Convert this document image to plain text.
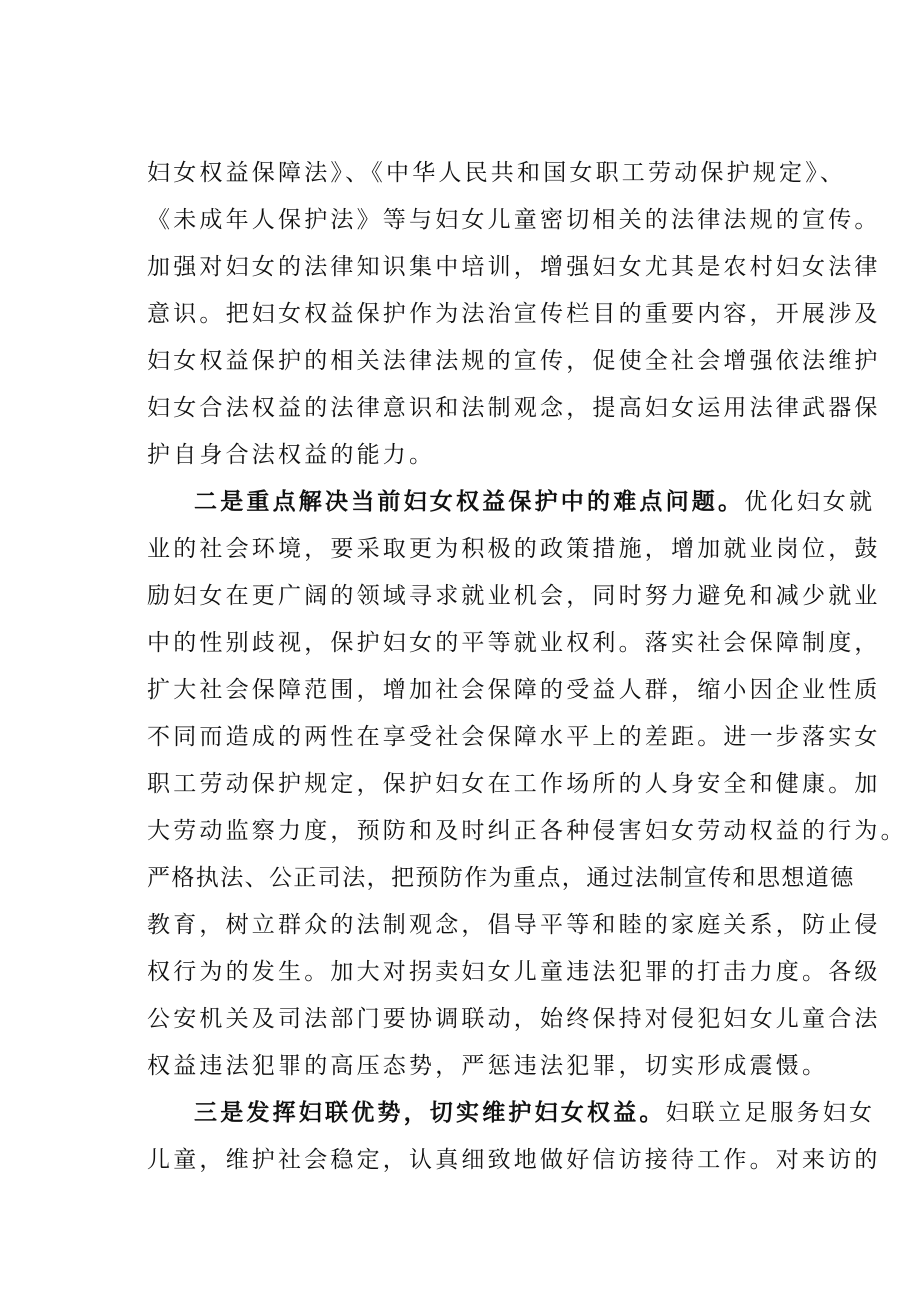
妇女权益保障法》、《中华人民共和国女职工劳动保护规定》、
《未成年人保护法》等与妇女儿童密切相关的法律法规的宣传。
加强对妇女的法律知识集中培训，增强妇女尤其是农村妇女法律
意识。把妇女权益保护作为法治宣传栏目的重要内容，开展涉及
妇女权益保护的相关法律法规的宣传，促使全社会增强依法维护
妇女合法权益的法律意识和法制观念，提高妇女运用法律武器保
护自身合法权益的能力。
二是重点解决当前妇女权益保护中的难点问题。优化妇女就
业的社会环境，要采取更为积极的政策措施，增加就业岗位，鼓
励妇女在更广阔的领域寻求就业机会，同时努力避免和减少就业
中的性别歧视，保护妇女的平等就业权利。落实社会保障制度，
扩大社会保障范围，增加社会保障的受益人群，缩小因企业性质
不同而造成的两性在享受社会保障水平上的差距。进一步落实女
职工劳动保护规定，保护妇女在工作场所的人身安全和健康。加
大劳动监察力度，预防和及时纠正各种侵害妇女劳动权益的行为。
严格执法、公正司法，把预防作为重点，通过法制宣传和思想道德
教育，树立群众的法制观念，倡导平等和睦的家庭关系，防止侵
权行为的发生。加大对拐卖妇女儿童违法犯罪的打击力度。各级
公安机关及司法部门要协调联动，始终保持对侵犯妇女儿童合法
权益违法犯罪的高压态势，严惩违法犯罪，切实形成震慑。
三是发挥妇联优势，切实维护妇女权益。妇联立足服务妇女
儿童，维护社会稳定，认真细致地做好信访接待工作。对来访的
